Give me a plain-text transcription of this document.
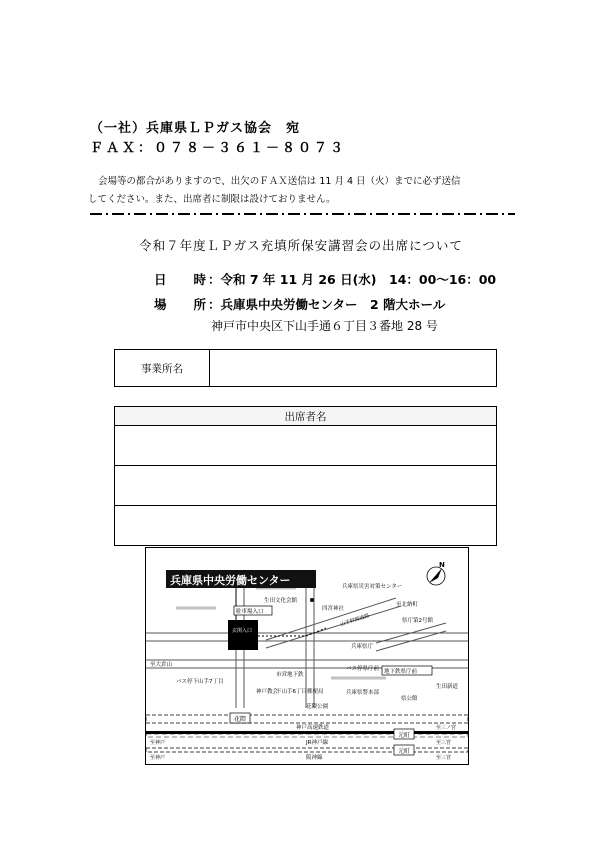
（一社）兵庫県ＬＰガス協会　宛
ＦＡＸ：０７８－３６１－８０７３

会場等の都合がありますので、出欠のＦＡＸ送信は 11 月 4 日（火）までに必ず送信

してください。また、出席者に制限は設けておりません。

令和７年度ＬＰガス充填所保安講習会の出席について
日　時 ：令和 7 年 11 月 26 日(水)　14：00～16：00
場　所 ：兵庫県中央労働センター　2 階大ホール
神戸市中央区下山手通６丁目３番地 28 号
事業所名	
出席者名

兵庫県中央労働センター
玄関入口
駐車場入口
生田文化会館
兵庫県災害対策センター
四宮神社
兵庫県庁
県庁第2号館
バス停県庁前
山手幹線道路
至大倉山
市営地下鉄	地下鉄県庁前
生田新道
バス停下山手7丁目
神戸教会
下山手6丁目郵便局	兵庫県警本部
花隈公園
県公館
至北納町
花隈
元町
元町
神戸高速鉄道
JR神戸線
阪神線
至三ノ宮
至三宮
至三宮
至神戸
至神戸
N
